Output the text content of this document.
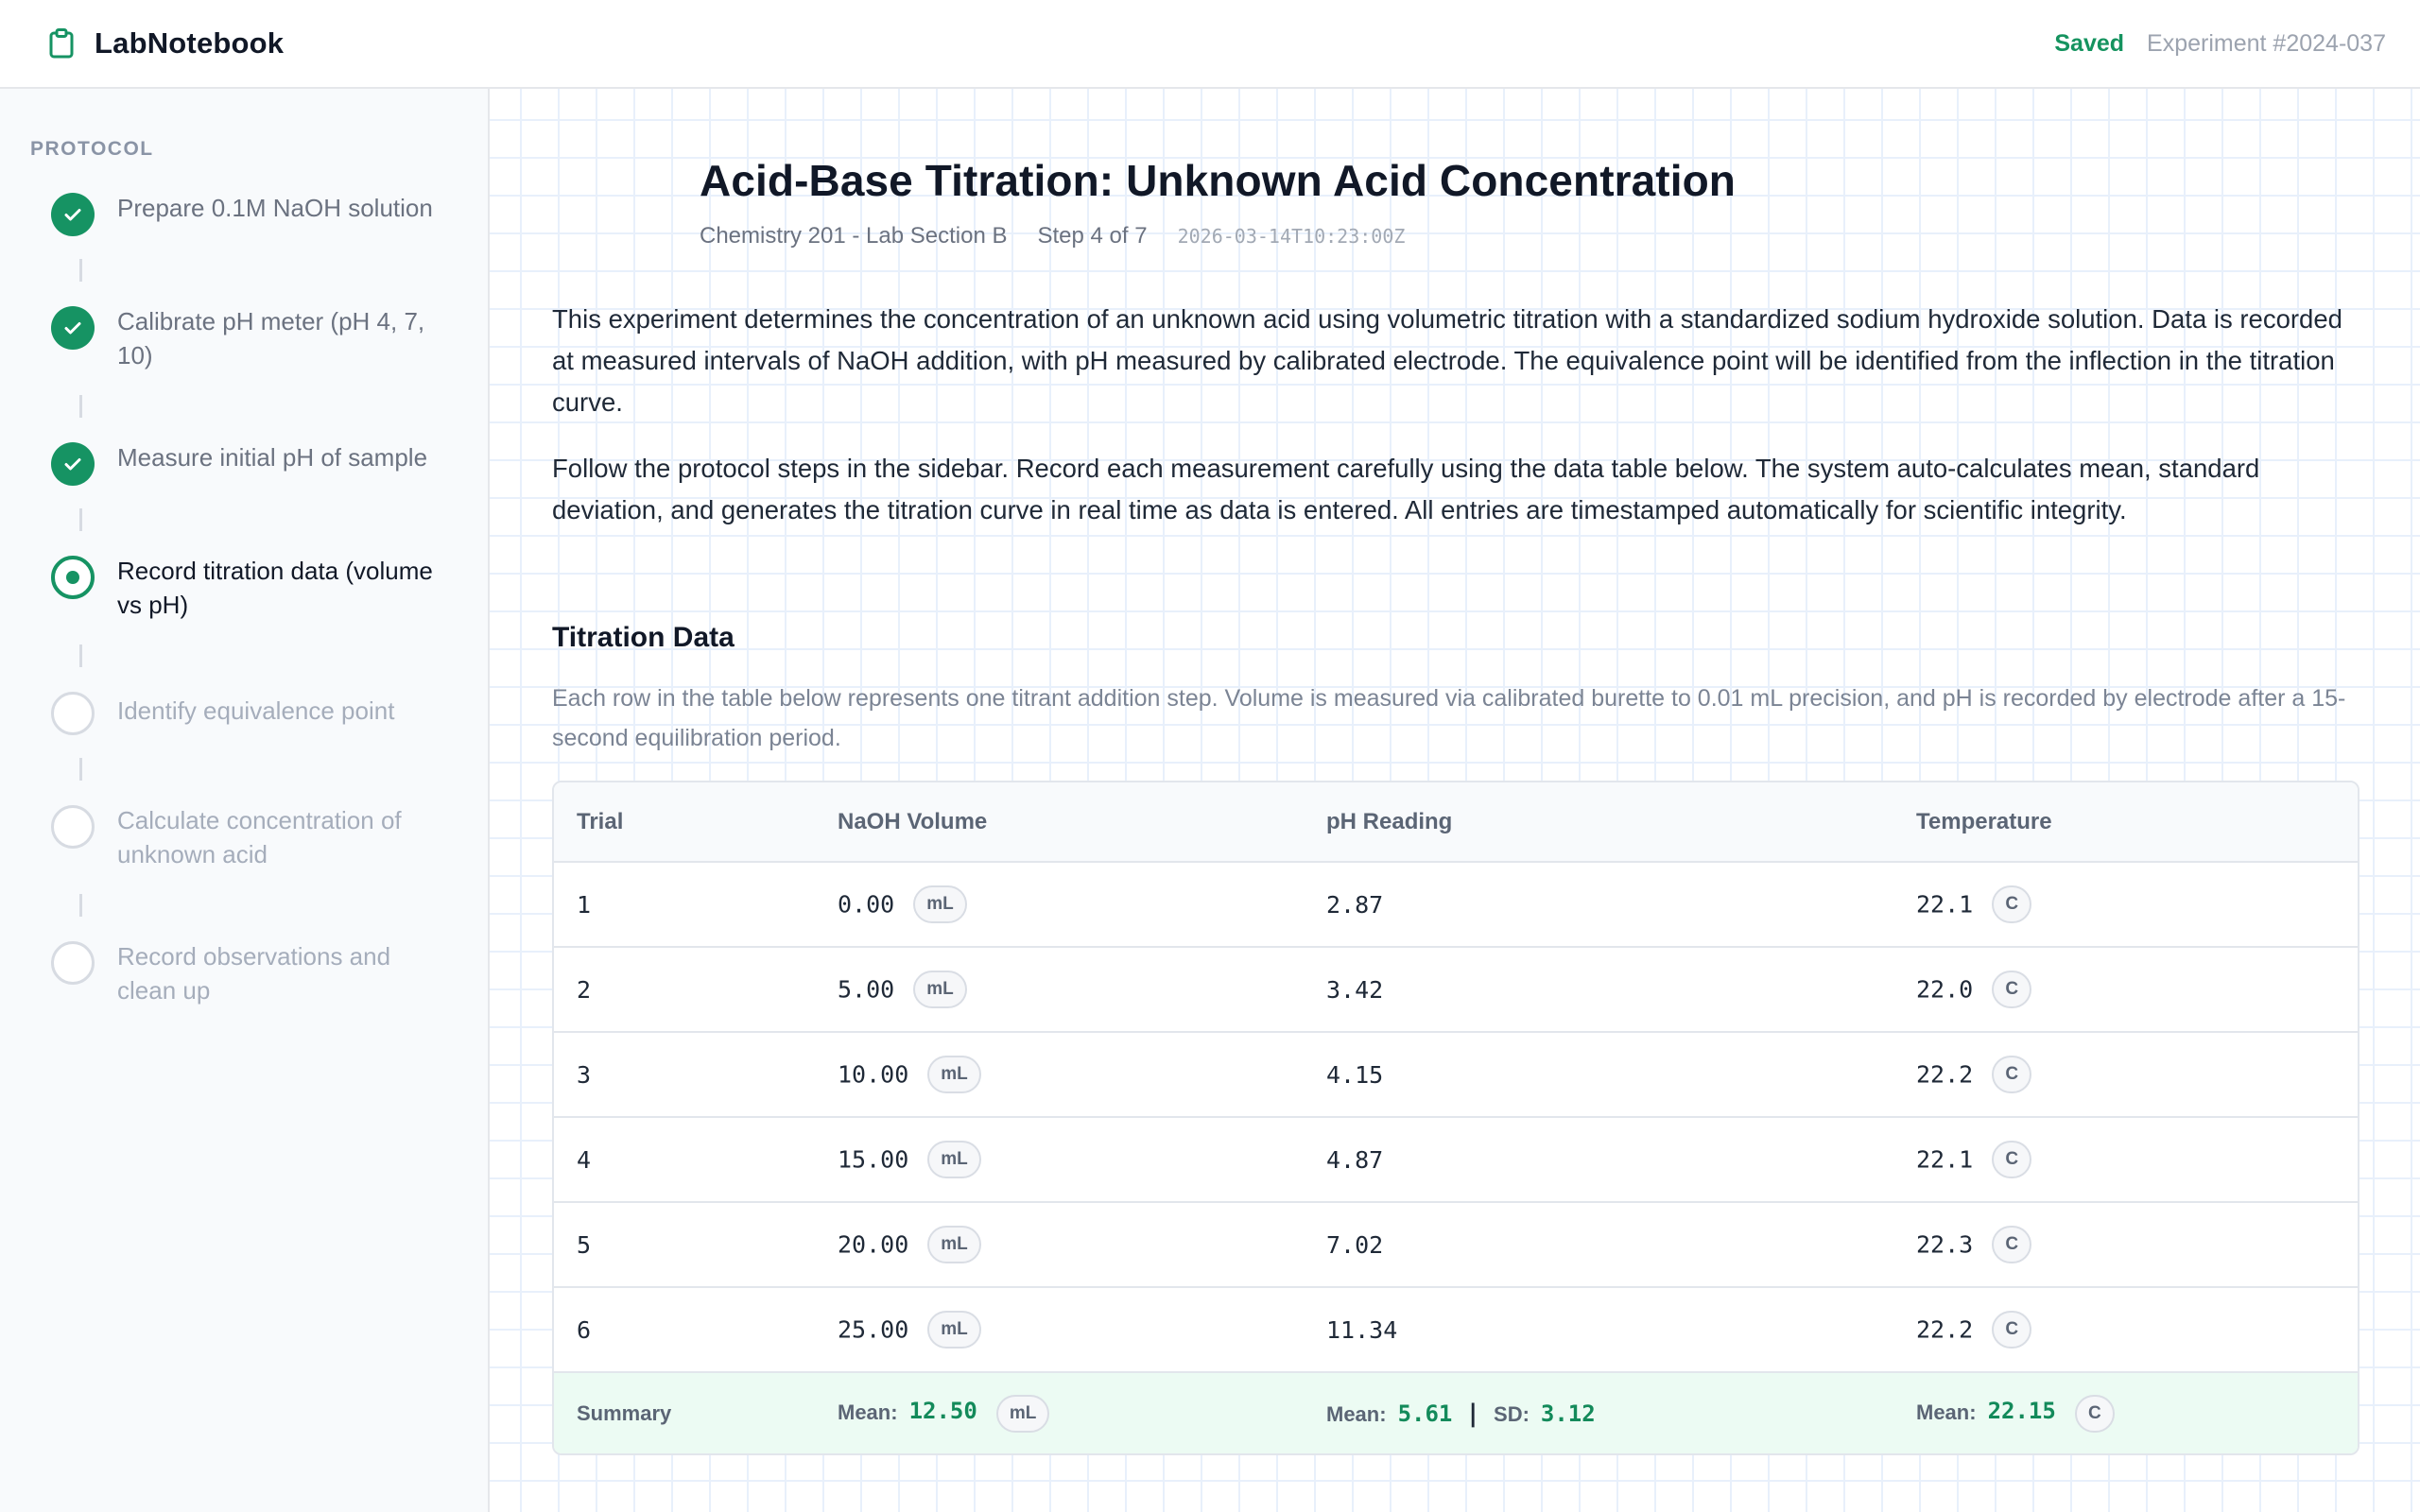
LabNotebook	Saved Experiment #2024-037
PROTOCOL
Prepare 0.1M NaOH solution
Calibrate pH meter (pH 4, 7, 10)
Measure initial pH of sample
Record titration data (volume vs pH)
Identify equivalence point
Calculate concentration of unknown acid
Record observations and clean up
Acid-Base Titration: Unknown Acid Concentration
Chemistry 201 - Lab Section B Step 4 of 7 2026-03-14T10:23:00Z

This experiment determines the concentration of an unknown acid using volumetric titration with a standardized sodium hydroxide solution. Data is recorded at measured intervals of NaOH addition, with pH measured by calibrated electrode. The equivalence point will be identified from the inflection in the titration curve.

Follow the protocol steps in the sidebar. Record each measurement carefully using the data table below. The system auto-calculates mean, standard deviation, and generates the titration curve in real time as data is entered. All entries are timestamped automatically for scientific integrity.

Titration Data

Each row in the table below represents one titrant addition step. Volume is measured via calibrated burette to 0.01 mL precision, and pH is recorded by electrode after a 15-second equilibration period.

Trial	NaOH Volume	pH Reading	Temperature
1	0.00 mL	2.87	22.1 C
2	5.00 mL	3.42	22.0 C
3	10.00 mL	4.15	22.2 C
4	15.00 mL	4.87	22.1 C
5	20.00 mL	7.02	22.3 C
6	25.00 mL	11.34	22.2 C
Summary	Mean: 12.50 mL	Mean: 5.61 | SD: 3.12	Mean: 22.15 C
